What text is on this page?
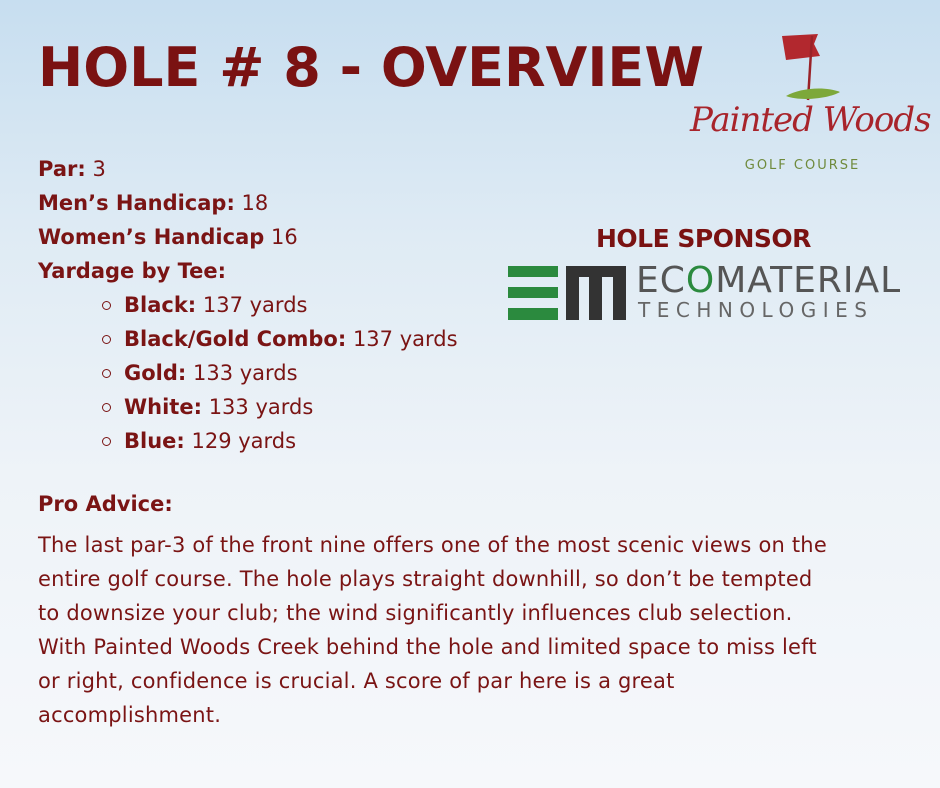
HOLE # 8 - OVERVIEW
Painted Woods
GOLF COURSE
Par: 3
Men’s Handicap: 18
Women’s Handicap 16
Yardage by Tee:
Black: 137 yards
Black/Gold Combo: 137 yards
Gold: 133 yards
White: 133 yards
Blue: 129 yards
HOLE SPONSOR
ECOMATERIAL
TECHNOLOGIES
Pro Advice:
The last par-3 of the front nine offers one of the most scenic views on the
entire golf course. The hole plays straight downhill, so don’t be tempted
to downsize your club; the wind significantly influences club selection.
With Painted Woods Creek behind the hole and limited space to miss left
or right, confidence is crucial. A score of par here is a great
accomplishment.
